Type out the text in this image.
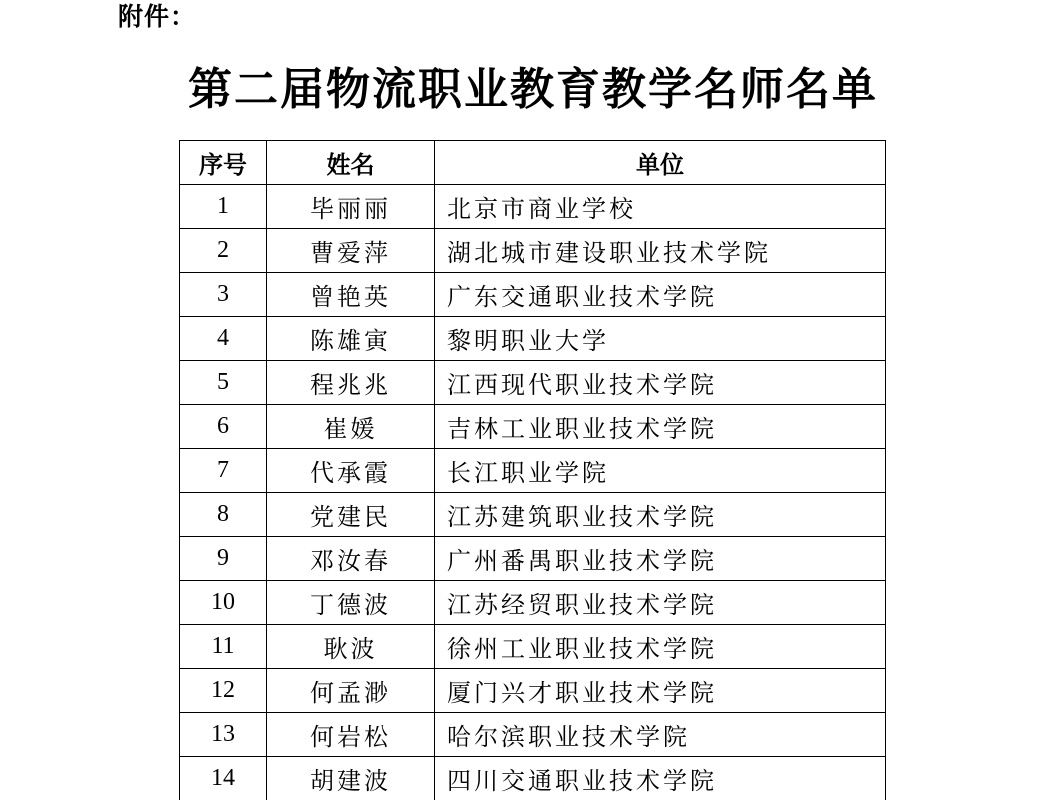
附件：
第二届物流职业教育教学名师名单
序号	姓名	单位
1	毕丽丽	北京市商业学校
2	曹爱萍	湖北城市建设职业技术学院
3	曾艳英	广东交通职业技术学院
4	陈雄寅	黎明职业大学
5	程兆兆	江西现代职业技术学院
6	崔媛	吉林工业职业技术学院
7	代承霞	长江职业学院
8	党建民	江苏建筑职业技术学院
9	邓汝春	广州番禺职业技术学院
10	丁德波	江苏经贸职业技术学院
11	耿波	徐州工业职业技术学院
12	何孟渺	厦门兴才职业技术学院
13	何岩松	哈尔滨职业技术学院
14	胡建波	四川交通职业技术学院
